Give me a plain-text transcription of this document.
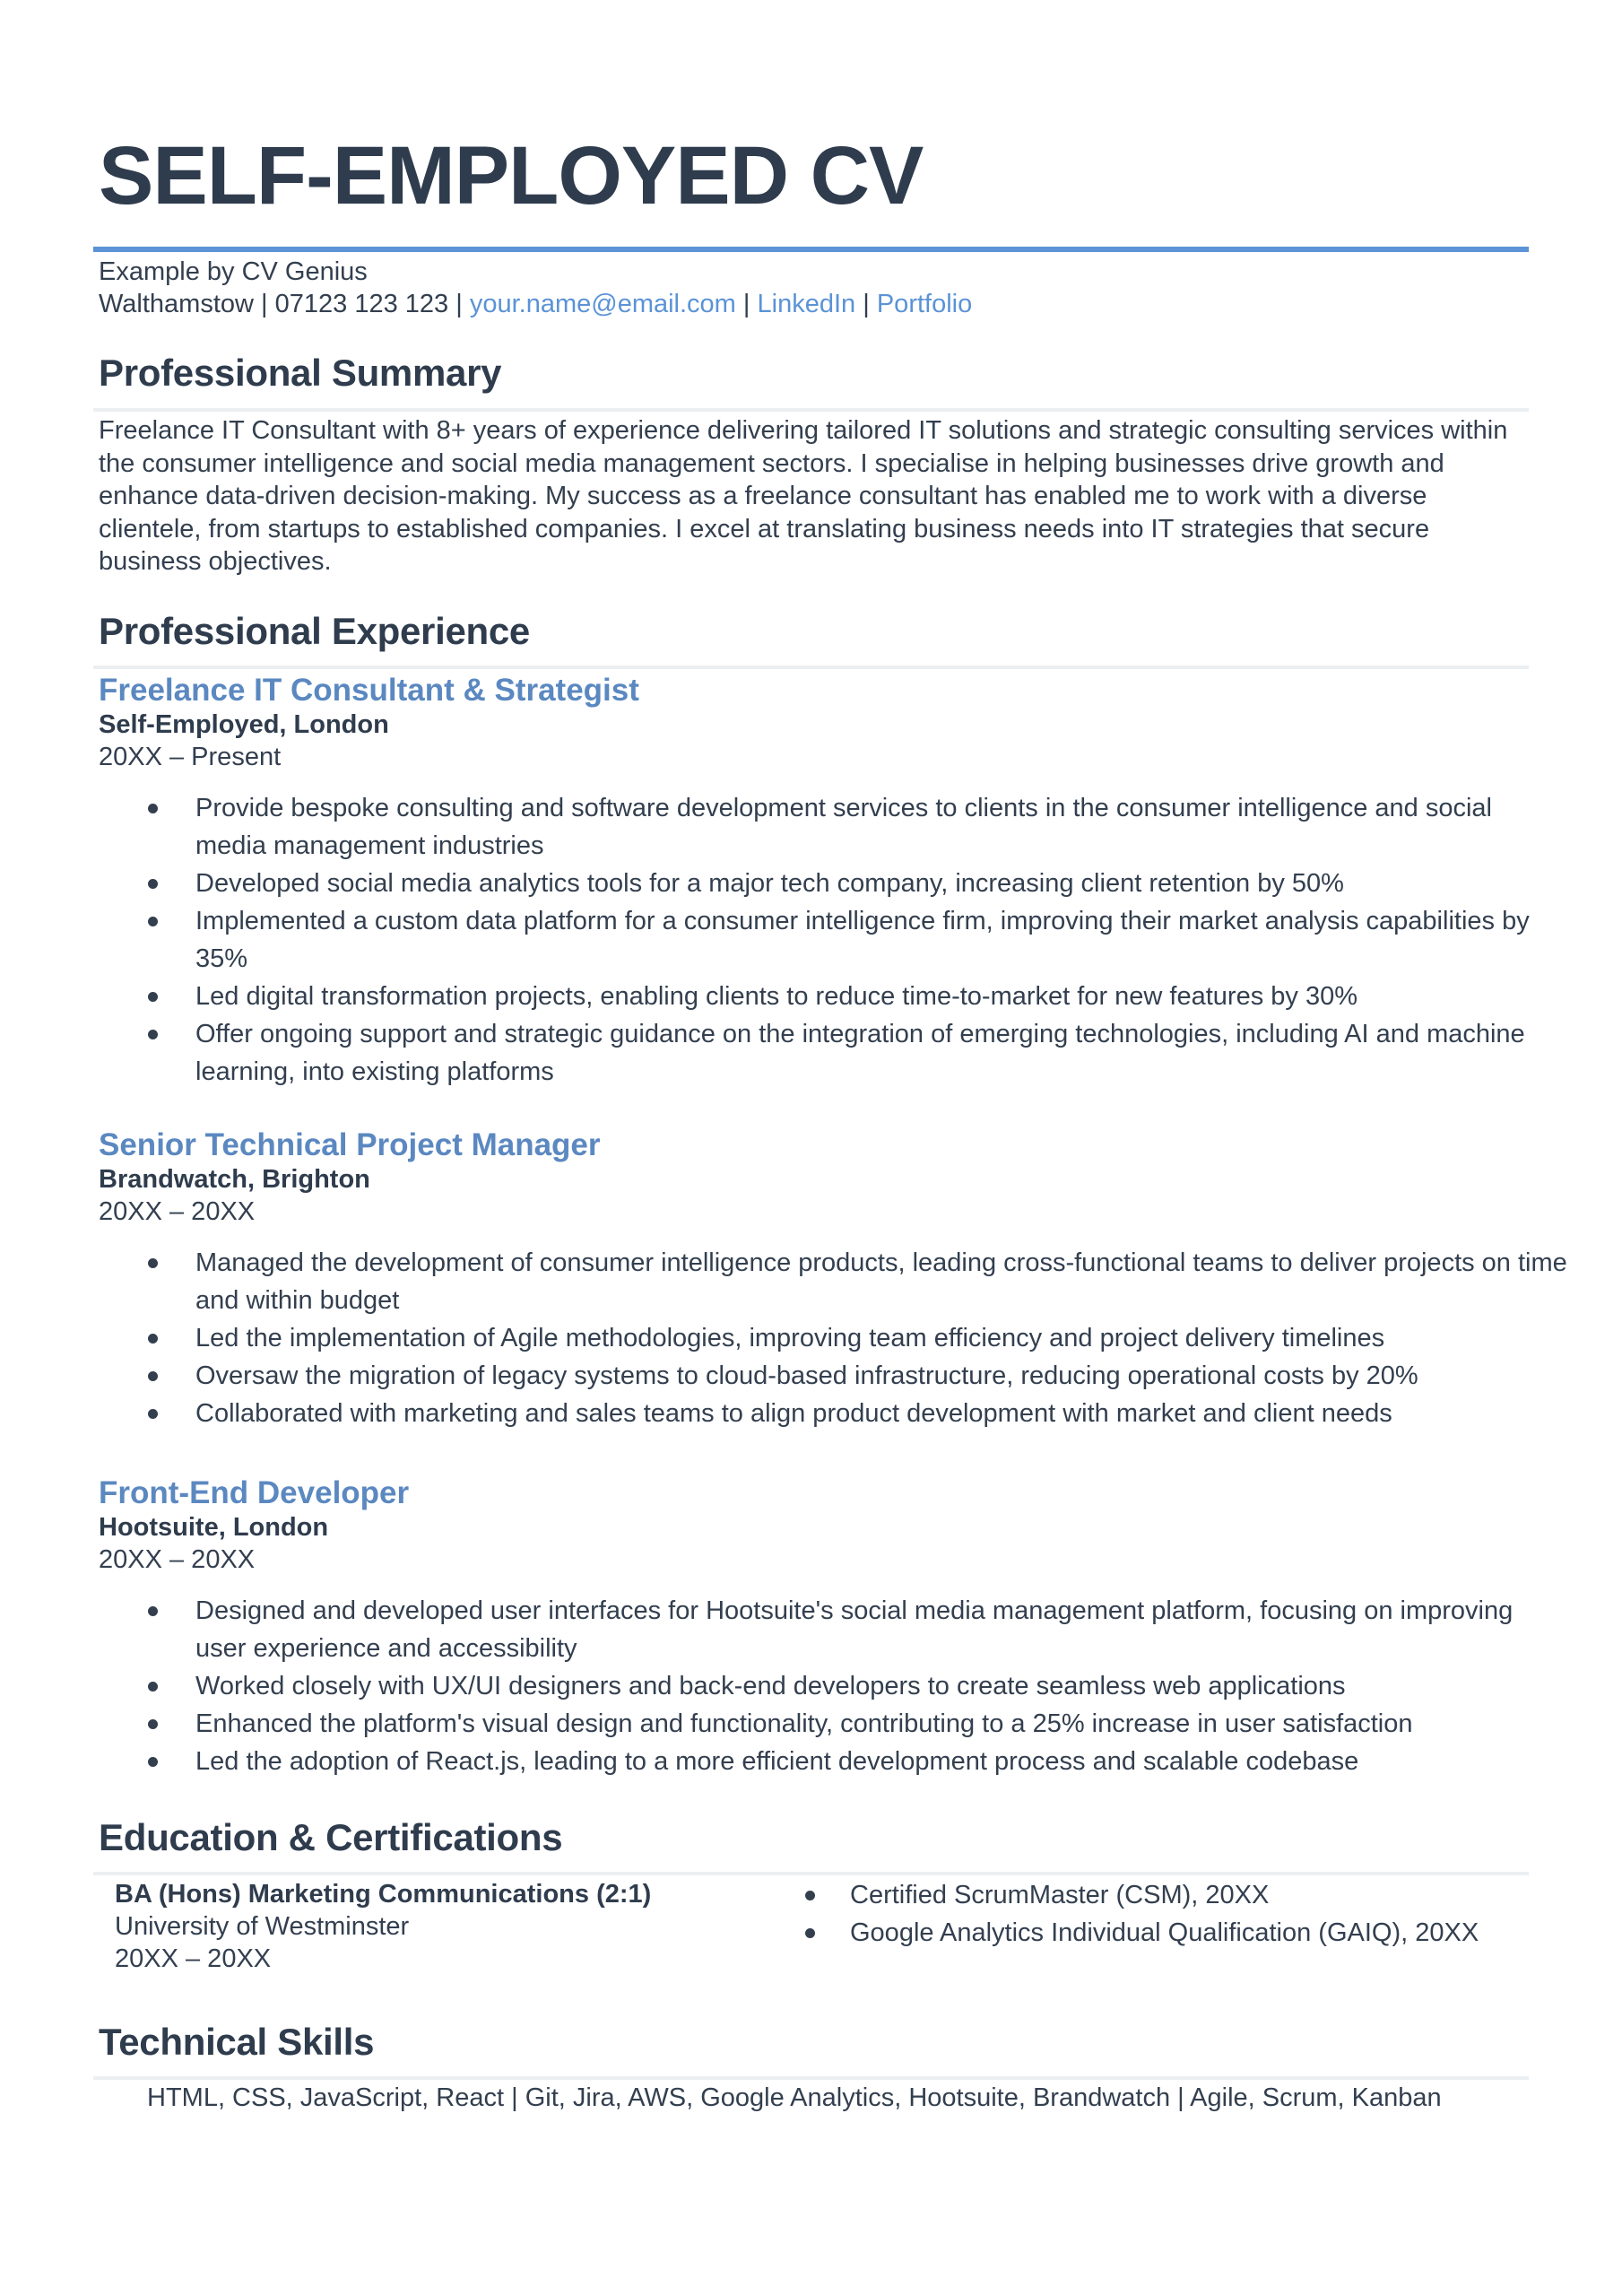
SELF-EMPLOYED CV
Example by CV Genius
Walthamstow | 07123 123 123 | your.name@email.com | LinkedIn | Portfolio
Professional Summary
Freelance IT Consultant with 8+ years of experience delivering tailored IT solutions and strategic consulting services within the consumer intelligence and social media management sectors. I specialise in helping businesses drive growth and enhance data-driven decision-making. My success as a freelance consultant has enabled me to work with a diverse clientele, from startups to established companies. I excel at translating business needs into IT strategies that secure business objectives.
Professional Experience
Freelance IT Consultant & Strategist
Self-Employed, London
20XX – Present
Provide bespoke consulting and software development services to clients in the consumer intelligence and social media management industries
Developed social media analytics tools for a major tech company, increasing client retention by 50%
Implemented a custom data platform for a consumer intelligence firm, improving their market analysis capabilities by 35%
Led digital transformation projects, enabling clients to reduce time-to-market for new features by 30%
Offer ongoing support and strategic guidance on the integration of emerging technologies, including AI and machine learning, into existing platforms
Senior Technical Project Manager
Brandwatch, Brighton
20XX – 20XX
Managed the development of consumer intelligence products, leading cross-functional teams to deliver projects on time and within budget
Led the implementation of Agile methodologies, improving team efficiency and project delivery timelines
Oversaw the migration of legacy systems to cloud-based infrastructure, reducing operational costs by 20%
Collaborated with marketing and sales teams to align product development with market and client needs
Front-End Developer
Hootsuite, London
20XX – 20XX
Designed and developed user interfaces for Hootsuite's social media management platform, focusing on improving user experience and accessibility
Worked closely with UX/UI designers and back-end developers to create seamless web applications
Enhanced the platform's visual design and functionality, contributing to a 25% increase in user satisfaction
Led the adoption of React.js, leading to a more efficient development process and scalable codebase
Education & Certifications
BA (Hons) Marketing Communications (2:1)
University of Westminster
20XX – 20XX
Certified ScrumMaster (CSM), 20XX
Google Analytics Individual Qualification (GAIQ), 20XX
Technical Skills
HTML, CSS, JavaScript, React | Git, Jira, AWS, Google Analytics, Hootsuite, Brandwatch | Agile, Scrum, Kanban
